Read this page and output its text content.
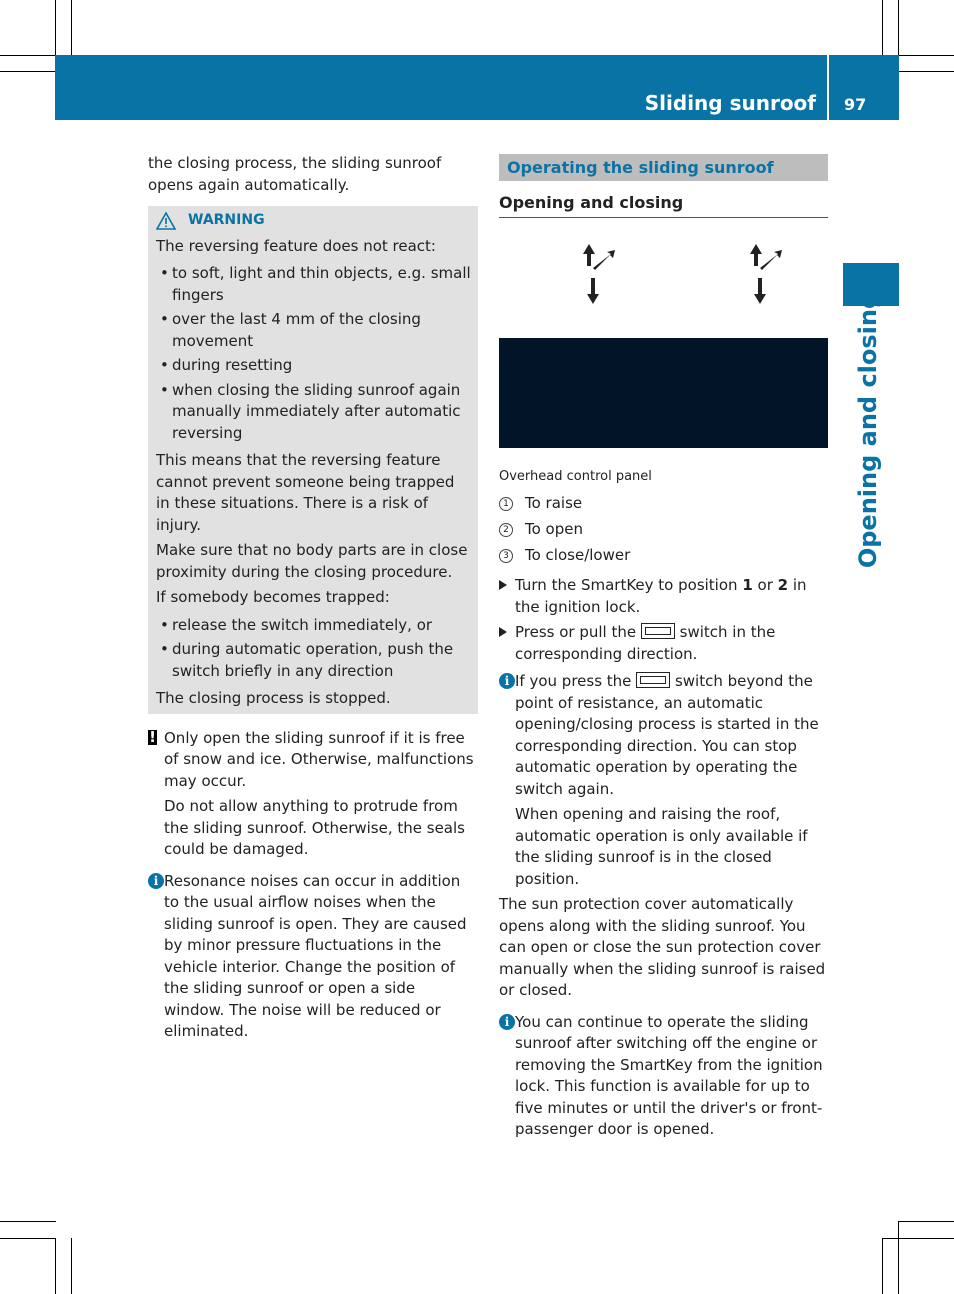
Sliding sunroof 97
Opening and closing

the closing process, the sliding sunroof opens again automatically.

WARNING

The reversing feature does not react:

• to soft, light and thin objects, e.g. small fingers
• over the last 4 mm of the closing movement
• during resetting
• when closing the sliding sunroof again manually immediately after automatic reversing

This means that the reversing feature cannot prevent someone being trapped in these situations. There is a risk of injury.

Make sure that no body parts are in close proximity during the closing procedure.

If somebody becomes trapped:

• release the switch immediately, or
• during automatic operation, push the switch briefly in any direction

The closing process is stopped.

! Only open the sliding sunroof if it is free of snow and ice. Otherwise, malfunctions may occur.

Do not allow anything to protrude from the sliding sunroof. Otherwise, the seals could be damaged.

i Resonance noises can occur in addition to the usual airflow noises when the sliding sunroof is open. They are caused by minor pressure fluctuations in the vehicle interior. Change the position of the sliding sunroof or open a side window. The noise will be reduced or eliminated.

Operating the sliding sunroof
Opening and closing
Overhead control panel
1 To raise
2 To open
3 To close/lower

Turn the SmartKey to position 1 or 2 in the ignition lock.

Press or pull the  switch in the corresponding direction.

i If you press the  switch beyond the point of resistance, an automatic opening/closing process is started in the corresponding direction. You can stop automatic operation by operating the switch again.

When opening and raising the roof, automatic operation is only available if the sliding sunroof is in the closed position.

The sun protection cover automatically opens along with the sliding sunroof. You can open or close the sun protection cover manually when the sliding sunroof is raised or closed.

i You can continue to operate the sliding sunroof after switching off the engine or removing the SmartKey from the ignition lock. This function is available for up to five minutes or until the driver's or front-passenger door is opened.
